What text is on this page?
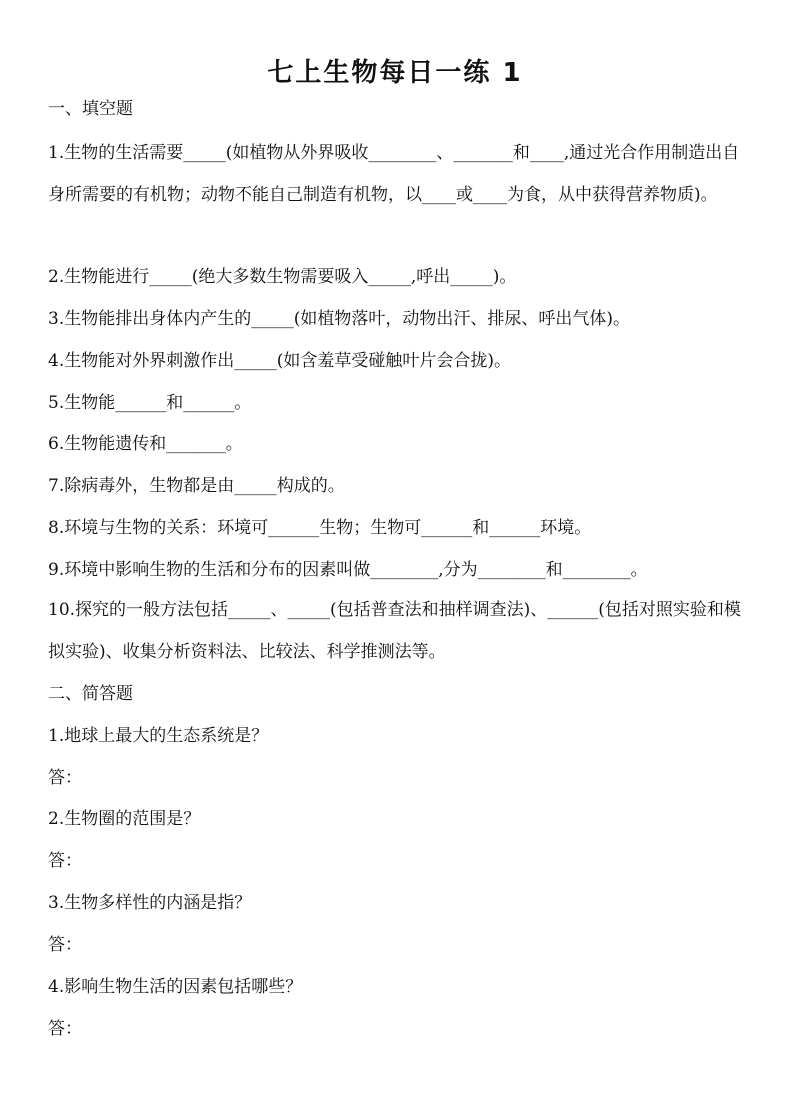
七上生物每日一练 1

一、填空题

1.生物的生活需要_____(如植物从外界吸收________、_______和____,通过光合作用制造出自身所需要的有机物；动物不能自己制造有机物，以____或____为食，从中获得营养物质)。

2.生物能进行_____(绝大多数生物需要吸入_____,呼出_____)。

3.生物能排出身体内产生的_____(如植物落叶，动物出汗、排尿、呼出气体)。

4.生物能对外界刺激作出_____(如含羞草受碰触叶片会合拢)。

5.生物能______和______。

6.生物能遗传和_______。

7.除病毒外，生物都是由_____构成的。

8.环境与生物的关系：环境可______生物；生物可______和______环境。

9.环境中影响生物的生活和分布的因素叫做________,分为________和________。

10.探究的一般方法包括_____、_____(包括普查法和抽样调查法)、______(包括对照实验和模拟实验)、收集分析资料法、比较法、科学推测法等。

二、简答题

1.地球上最大的生态系统是？

答：

2.生物圈的范围是？

答：

3.生物多样性的内涵是指？

答：

4.影响生物生活的因素包括哪些？

答：
